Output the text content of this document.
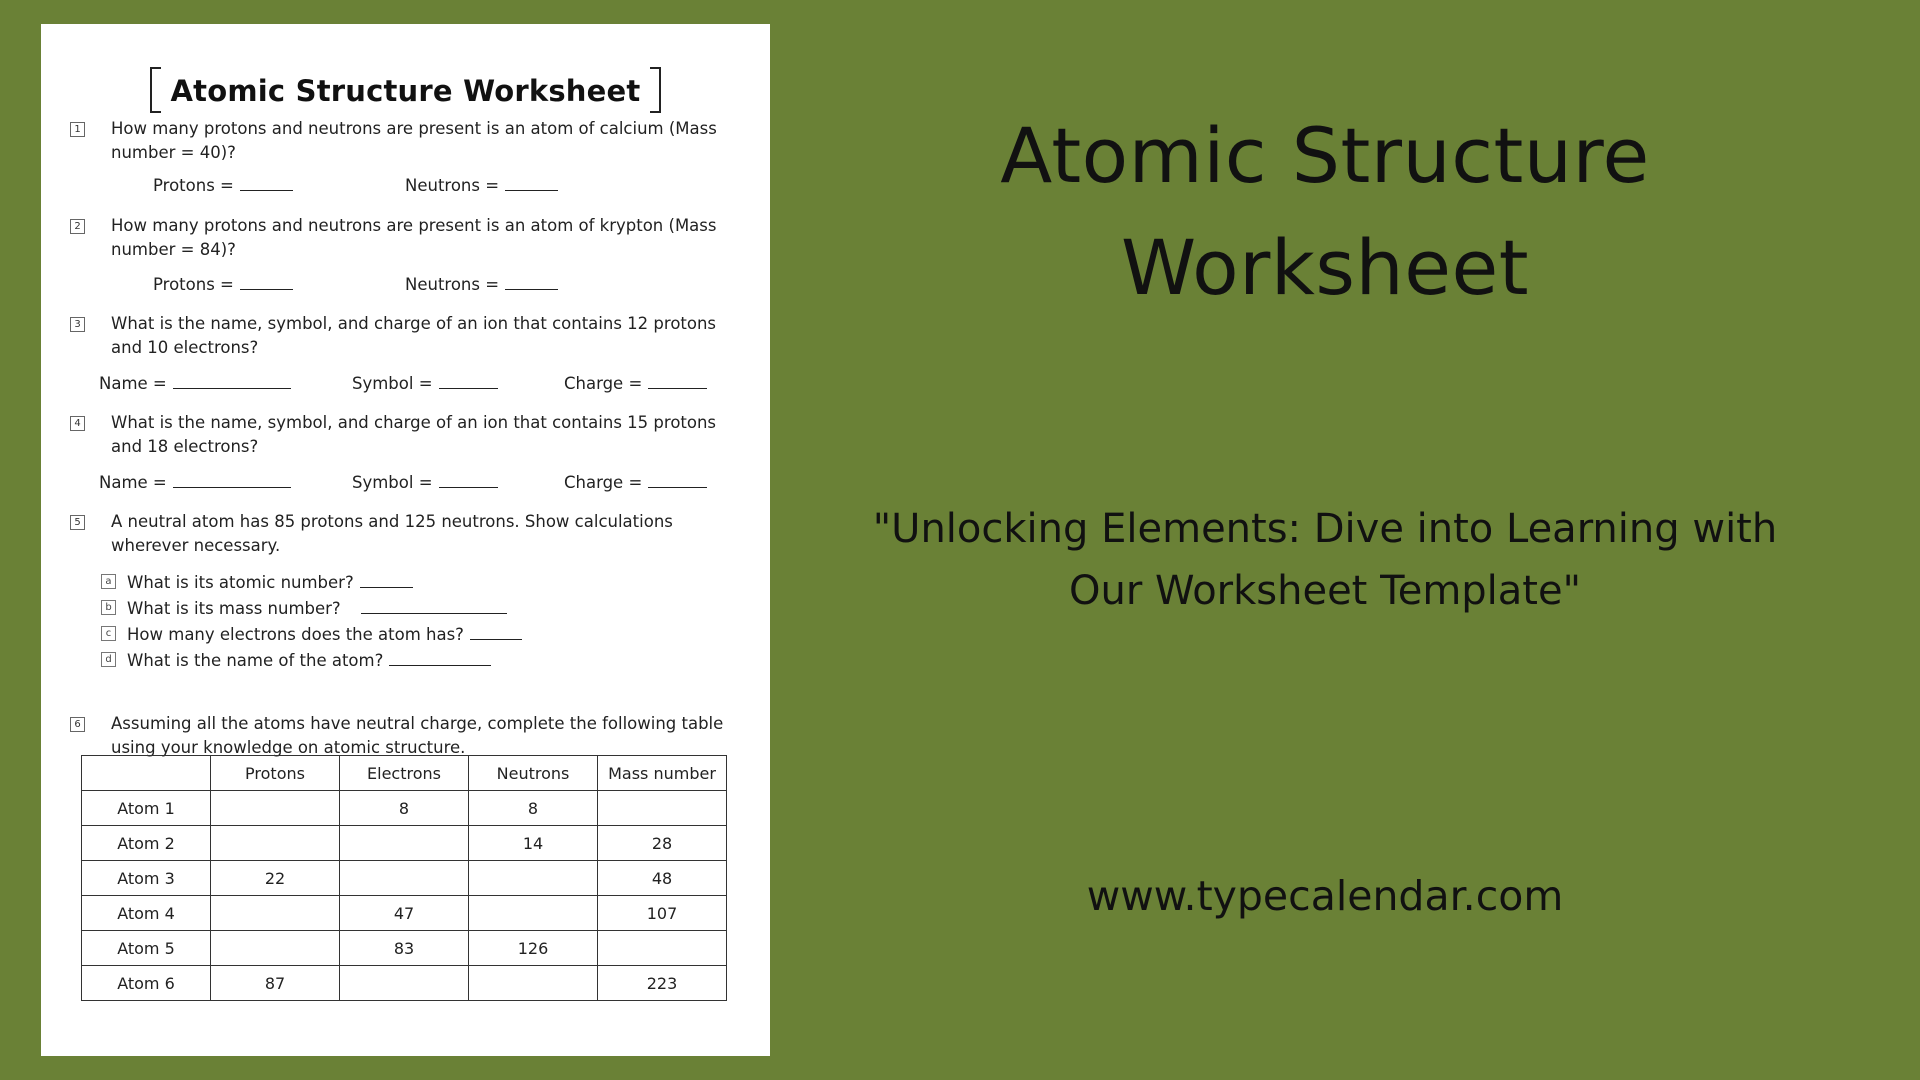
Atomic Structure Worksheet
1 How many protons and neutrons are present is an atom of calcium (Mass number = 40)?
Protons =	Neutrons =
2 How many protons and neutrons are present is an atom of krypton (Mass number = 84)?
Protons =	Neutrons =
3 What is the name, symbol, and charge of an ion that contains 12 protons and 10 electrons?
Name =	Symbol =	Charge =
4 What is the name, symbol, and charge of an ion that contains 15 protons and 18 electrons?
Name =	Symbol =	Charge =
5 A neutral atom has 85 protons and 125 neutrons. Show calculations wherever necessary.
a What is its atomic number?
b What is its mass number?
c How many electrons does the atom has?
d What is the name of the atom?
6 Assuming all the atoms have neutral charge, complete the following table using your knowledge on atomic structure.
	Protons	Electrons	Neutrons	Mass number
Atom 1		8	8	
Atom 2			14	28
Atom 3	22			48
Atom 4		47		107
Atom 5		83	126	
Atom 6	87			223
Atomic Structure
Worksheet
"Unlocking Elements: Dive into Learning with
Our Worksheet Template"
www.typecalendar.com
